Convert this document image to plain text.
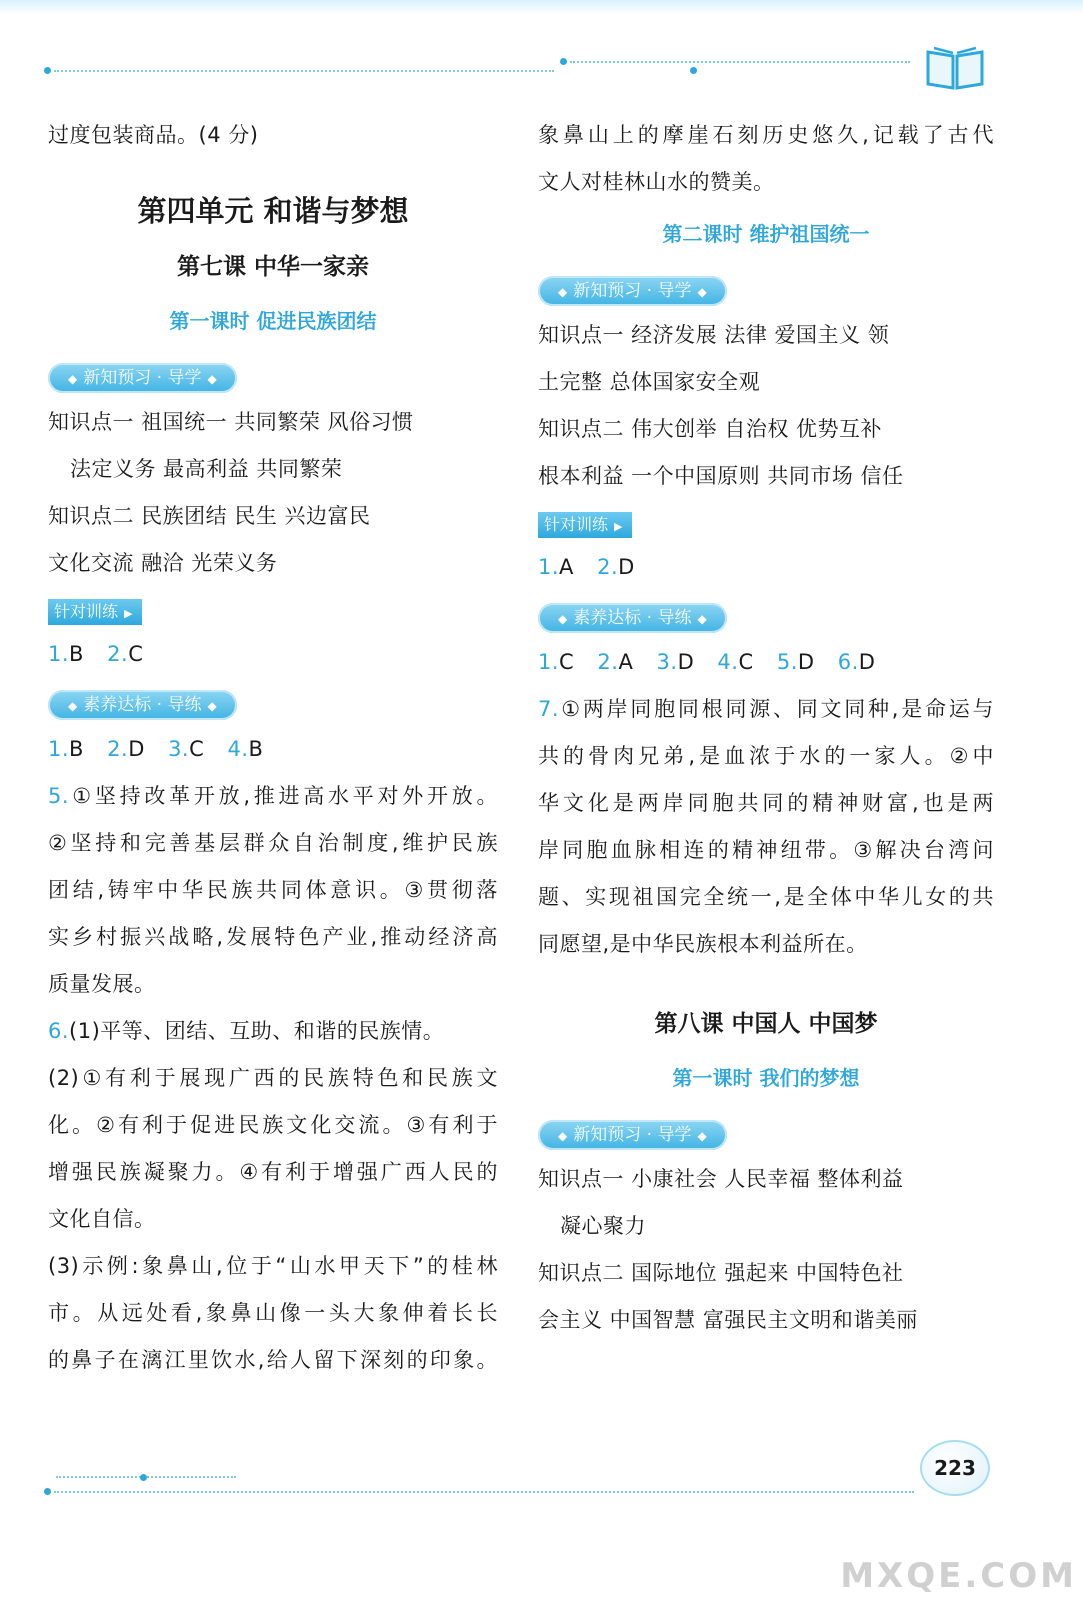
过度包装商品。(4 分)

第四单元 和谐与梦想
第七课 中华一家亲
第一课时 促进民族团结
◆ 新知预习 · 导学 ◆

知识点一 祖国统一 共同繁荣 风俗习惯

法定义务 最高利益 共同繁荣

知识点二 民族团结 民生 兴边富民

文化交流 融洽 光荣义务

针对训练 ▶

1.B 2.C

◆ 素养达标 · 导练 ◆

1.B 2.D 3.C 4.B

5.①坚持改革开放,推进高水平对外开放。

②坚持和完善基层群众自治制度,维护民族

团结,铸牢中华民族共同体意识。③贯彻落

实乡村振兴战略,发展特色产业,推动经济高

质量发展。

6.(1)平等、团结、互助、和谐的民族情。

(2)①有利于展现广西的民族特色和民族文

化。②有利于促进民族文化交流。③有利于

增强民族凝聚力。④有利于增强广西人民的

文化自信。

(3)示例:象鼻山,位于“山水甲天下”的桂林

市。从远处看,象鼻山像一头大象伸着长长

的鼻子在漓江里饮水,给人留下深刻的印象。

象鼻山上的摩崖石刻历史悠久,记载了古代

文人对桂林山水的赞美。

第二课时 维护祖国统一
◆ 新知预习 · 导学 ◆

知识点一 经济发展 法律 爱国主义 领

土完整 总体国家安全观

知识点二 伟大创举 自治权 优势互补

根本利益 一个中国原则 共同市场 信任

针对训练 ▶

1.A 2.D

◆ 素养达标 · 导练 ◆

1.C 2.A 3.D 4.C 5.D 6.D

7.①两岸同胞同根同源、同文同种,是命运与

共的骨肉兄弟,是血浓于水的一家人。②中

华文化是两岸同胞共同的精神财富,也是两

岸同胞血脉相连的精神纽带。③解决台湾问

题、实现祖国完全统一,是全体中华儿女的共

同愿望,是中华民族根本利益所在。

第八课 中国人 中国梦
第一课时 我们的梦想
◆ 新知预习 · 导学 ◆

知识点一 小康社会 人民幸福 整体利益

凝心聚力

知识点二 国际地位 强起来 中国特色社

会主义 中国智慧 富强民主文明和谐美丽

223
MXQE.COM
